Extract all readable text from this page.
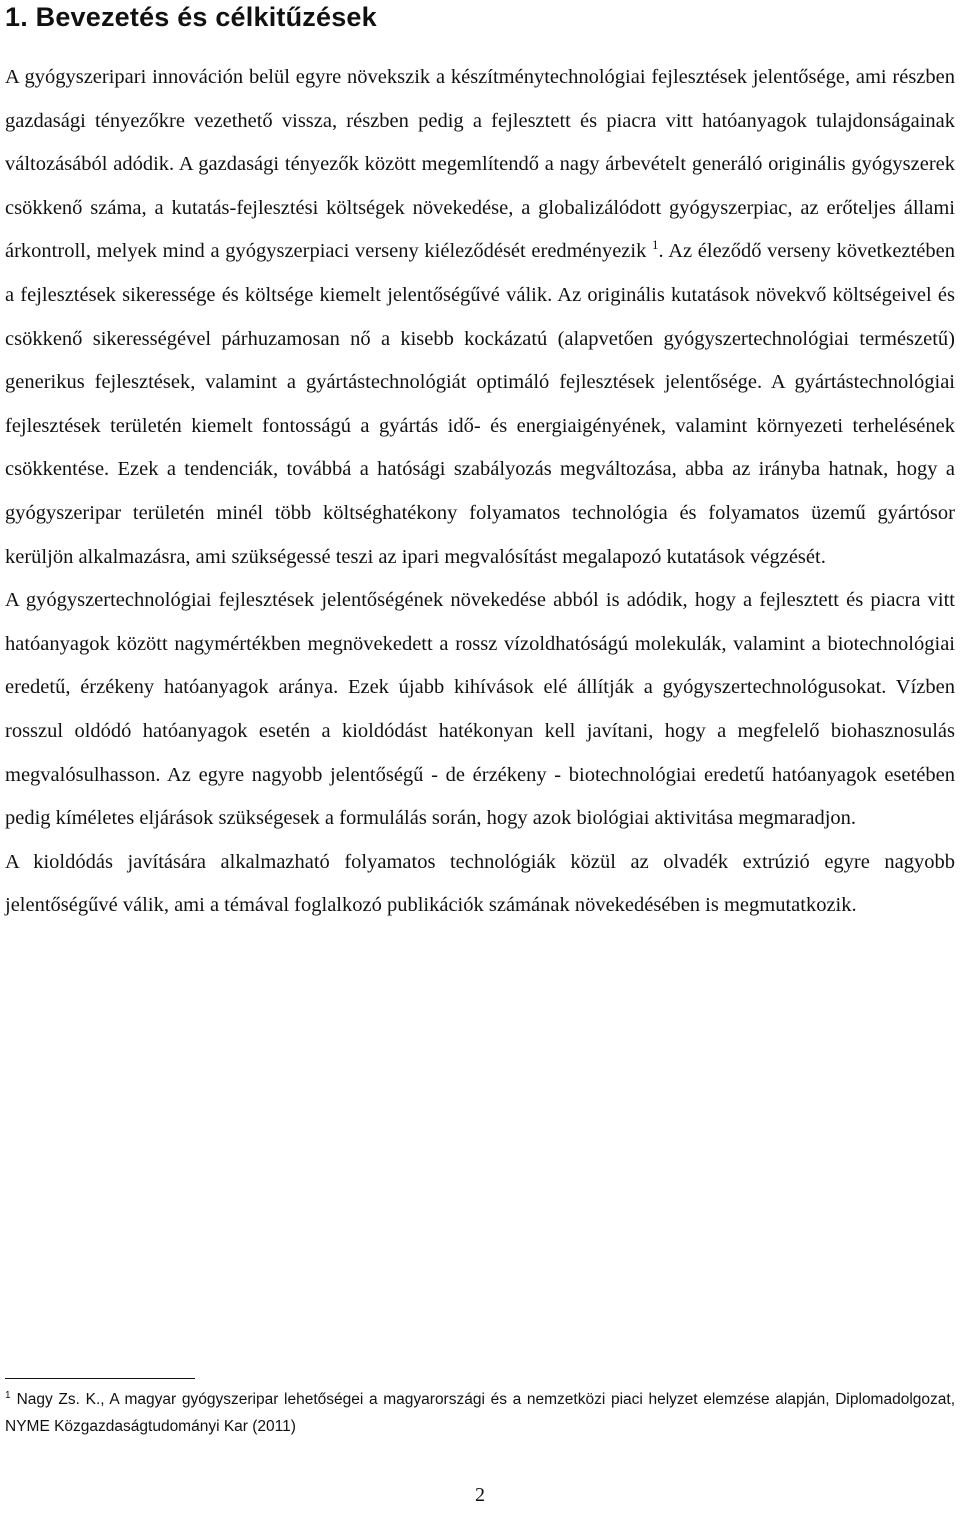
1. Bevezetés és célkitűzések

A gyógyszeripari innováción belül egyre növekszik a készítménytechnológiai fejlesztések jelentősége, ami részben gazdasági tényezőkre vezethető vissza, részben pedig a fejlesztett és piacra vitt hatóanyagok tulajdonságainak változásából adódik. A gazdasági tényezők között megemlítendő a nagy árbevételt generáló originális gyógyszerek csökkenő száma, a kutatás-fejlesztési költségek növekedése, a globalizálódott gyógyszerpiac, az erőteljes állami árkontroll, melyek mind a gyógyszerpiaci verseny kiéleződését eredményezik $^1$. Az éleződő verseny következtében a fejlesztések sikeressége és költsége kiemelt jelentőségűvé válik. Az originális kutatások növekvő költségeivel és csökkenő sikerességével párhuzamosan nő a kisebb kockázatú (alapvetően gyógyszertechnológiai természetű) generikus fejlesztések, valamint a gyártástechnológiát optimáló fejlesztések jelentősége. A gyártástechnológiai fejlesztések területén kiemelt fontosságú a gyártás idő- és energiaigényének, valamint környezeti terhelésének csökkentése. Ezek a tendenciák, továbbá a hatósági szabályozás megváltozása, abba az irányba hatnak, hogy a gyógyszeripar területén minél több költséghatékony folyamatos technológia és folyamatos üzemű gyártósor kerüljön alkalmazásra, ami szükségessé teszi az ipari megvalósítást megalapozó kutatások végzését.

A gyógyszertechnológiai fejlesztések jelentőségének növekedése abból is adódik, hogy a fejlesztett és piacra vitt hatóanyagok között nagymértékben megnövekedett a rossz vízoldhatóságú molekulák, valamint a biotechnológiai eredetű, érzékeny hatóanyagok aránya. Ezek újabb kihívások elé állítják a gyógyszertechnológusokat. Vízben rosszul oldódó hatóanyagok esetén a kioldódást hatékonyan kell javítani, hogy a megfelelő biohasznosulás megvalósulhasson. Az egyre nagyobb jelentőségű - de érzékeny - biotechnológiai eredetű hatóanyagok esetében pedig kíméletes eljárások szükségesek a formulálás során, hogy azok biológiai aktivitása megmaradjon.

A kioldódás javítására alkalmazható folyamatos technológiák közül az olvadék extrúzió egyre nagyobb jelentőségűvé válik, ami a témával foglalkozó publikációk számának növekedésében is megmutatkozik.

$^1$ Nagy Zs. K., A magyar gyógyszeripar lehetőségei a magyarországi és a nemzetközi piaci helyzet elemzése alapján, Diplomadolgozat, NYME Közgazdaságtudományi Kar (2011)
2
